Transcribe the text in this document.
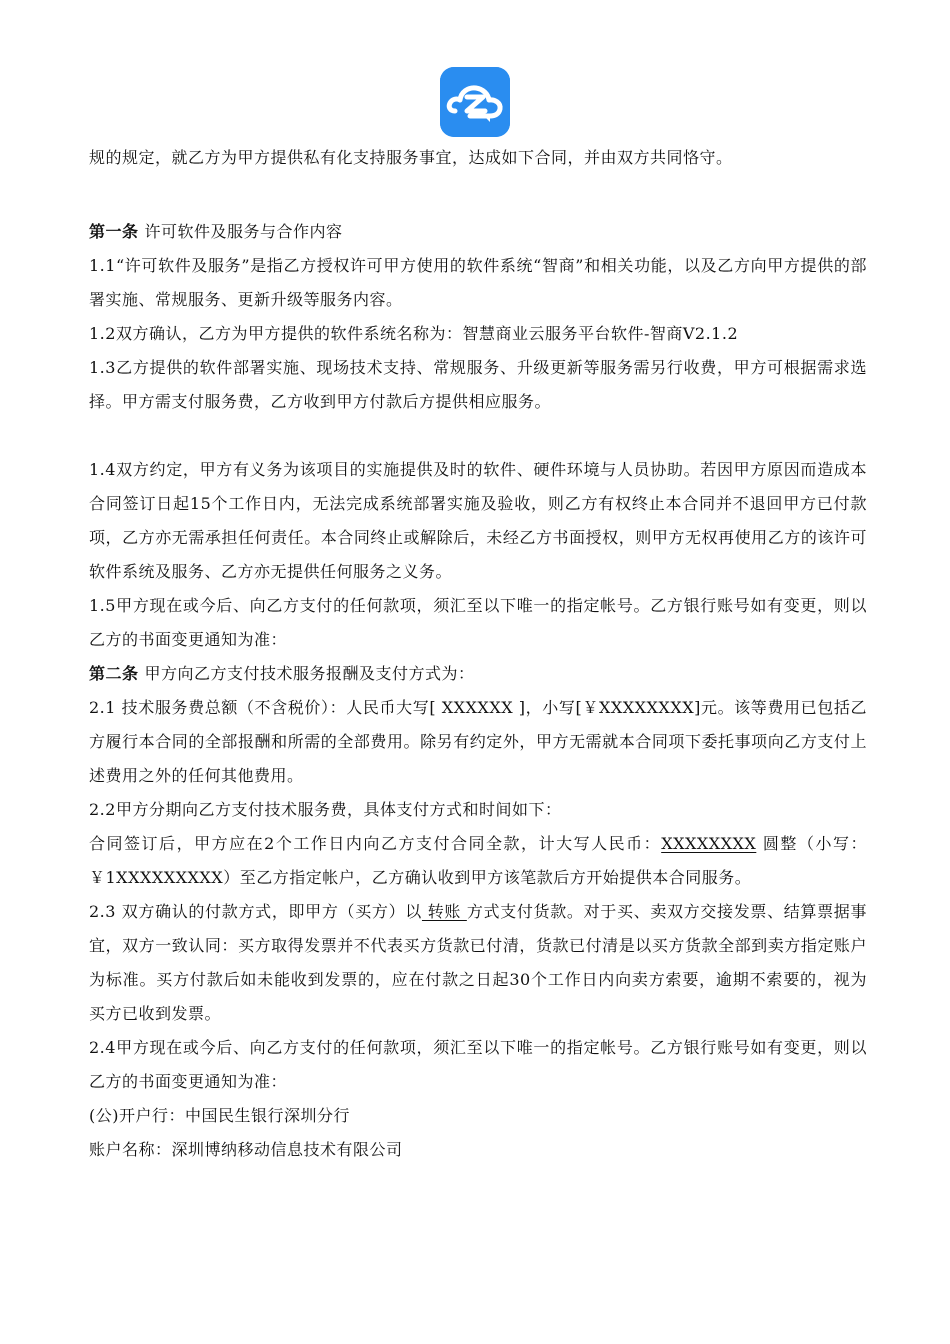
规的规定，就乙方为甲方提供私有化支持服务事宜，达成如下合同，并由双方共同恪守。

第一条 许可软件及服务与合作内容

1.1“许可软件及服务”是指乙方授权许可甲方使用的软件系统“智商”和相关功能，以及乙方向甲方提供的部署实施、常规服务、更新升级等服务内容。

1.2双方确认，乙方为甲方提供的软件系统名称为：智慧商业云服务平台软件-智商V2.1.2

1.3乙方提供的软件部署实施、现场技术支持、常规服务、升级更新等服务需另行收费，甲方可根据需求选择。甲方需支付服务费，乙方收到甲方付款后方提供相应服务。

1.4双方约定，甲方有义务为该项目的实施提供及时的软件、硬件环境与人员协助。若因甲方原因而造成本合同签订日起15个工作日内，无法完成系统部署实施及验收，则乙方有权终止本合同并不退回甲方已付款项，乙方亦无需承担任何责任。本合同终止或解除后，未经乙方书面授权，则甲方无权再使用乙方的该许可软件系统及服务、乙方亦无提供任何服务之义务。

1.5甲方现在或今后、向乙方支付的任何款项，须汇至以下唯一的指定帐号。乙方银行账号如有变更，则以乙方的书面变更通知为准：

第二条 甲方向乙方支付技术服务报酬及支付方式为：

2.1 技术服务费总额（不含税价）：人民币大写[ XXXXXX ]，小写[￥XXXXXXXX]元。该等费用已包括乙方履行本合同的全部报酬和所需的全部费用。除另有约定外，甲方无需就本合同项下委托事项向乙方支付上述费用之外的任何其他费用。

2.2甲方分期向乙方支付技术服务费，具体支付方式和时间如下：

合同签订后，甲方应在2个工作日内向乙方支付合同全款，计大写人民币：XXXXXXXX 圆整（小写：￥1XXXXXXXXX）至乙方指定帐户，乙方确认收到甲方该笔款后方开始提供本合同服务。

2.3 双方确认的付款方式，即甲方（买方）以 转账 方式支付货款。对于买、卖双方交接发票、结算票据事宜，双方一致认同：买方取得发票并不代表买方货款已付清，货款已付清是以买方货款全部到卖方指定账户为标准。买方付款后如未能收到发票的，应在付款之日起30个工作日内向卖方索要，逾期不索要的，视为买方已收到发票。

2.4甲方现在或今后、向乙方支付的任何款项，须汇至以下唯一的指定帐号。乙方银行账号如有变更，则以乙方的书面变更通知为准：

(公)开户行：中国民生银行深圳分行

账户名称：深圳博纳移动信息技术有限公司
